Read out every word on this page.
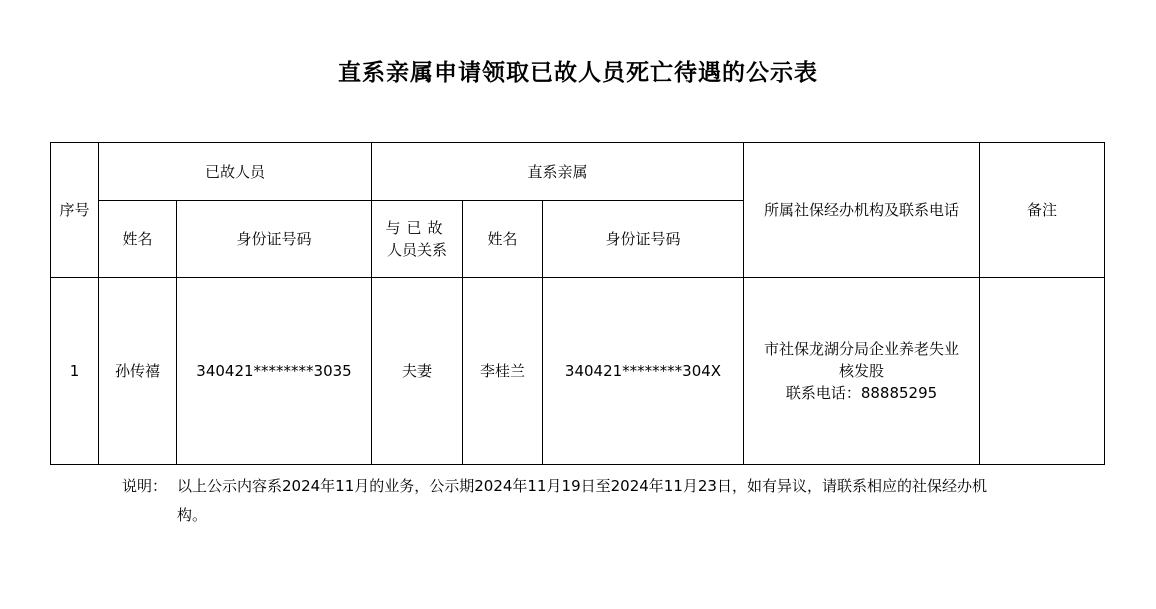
直系亲属申请领取已故人员死亡待遇的公示表
序号	已故人员		直系亲属			所属社保经办机构及联系电话	备注
	姓名	身份证号码	与已故
人员关系	姓名	身份证号码		
1	孙传禧	340421********3035	夫妻	李桂兰	340421********304X	市社保龙湖分局企业养老失业
核发股
联系电话：88885295	

说明： 以上公示内容系2024年11月的业务，公示期2024年11月19日至2024年11月23日，如有异议，请联系相应的社保经办机构。
